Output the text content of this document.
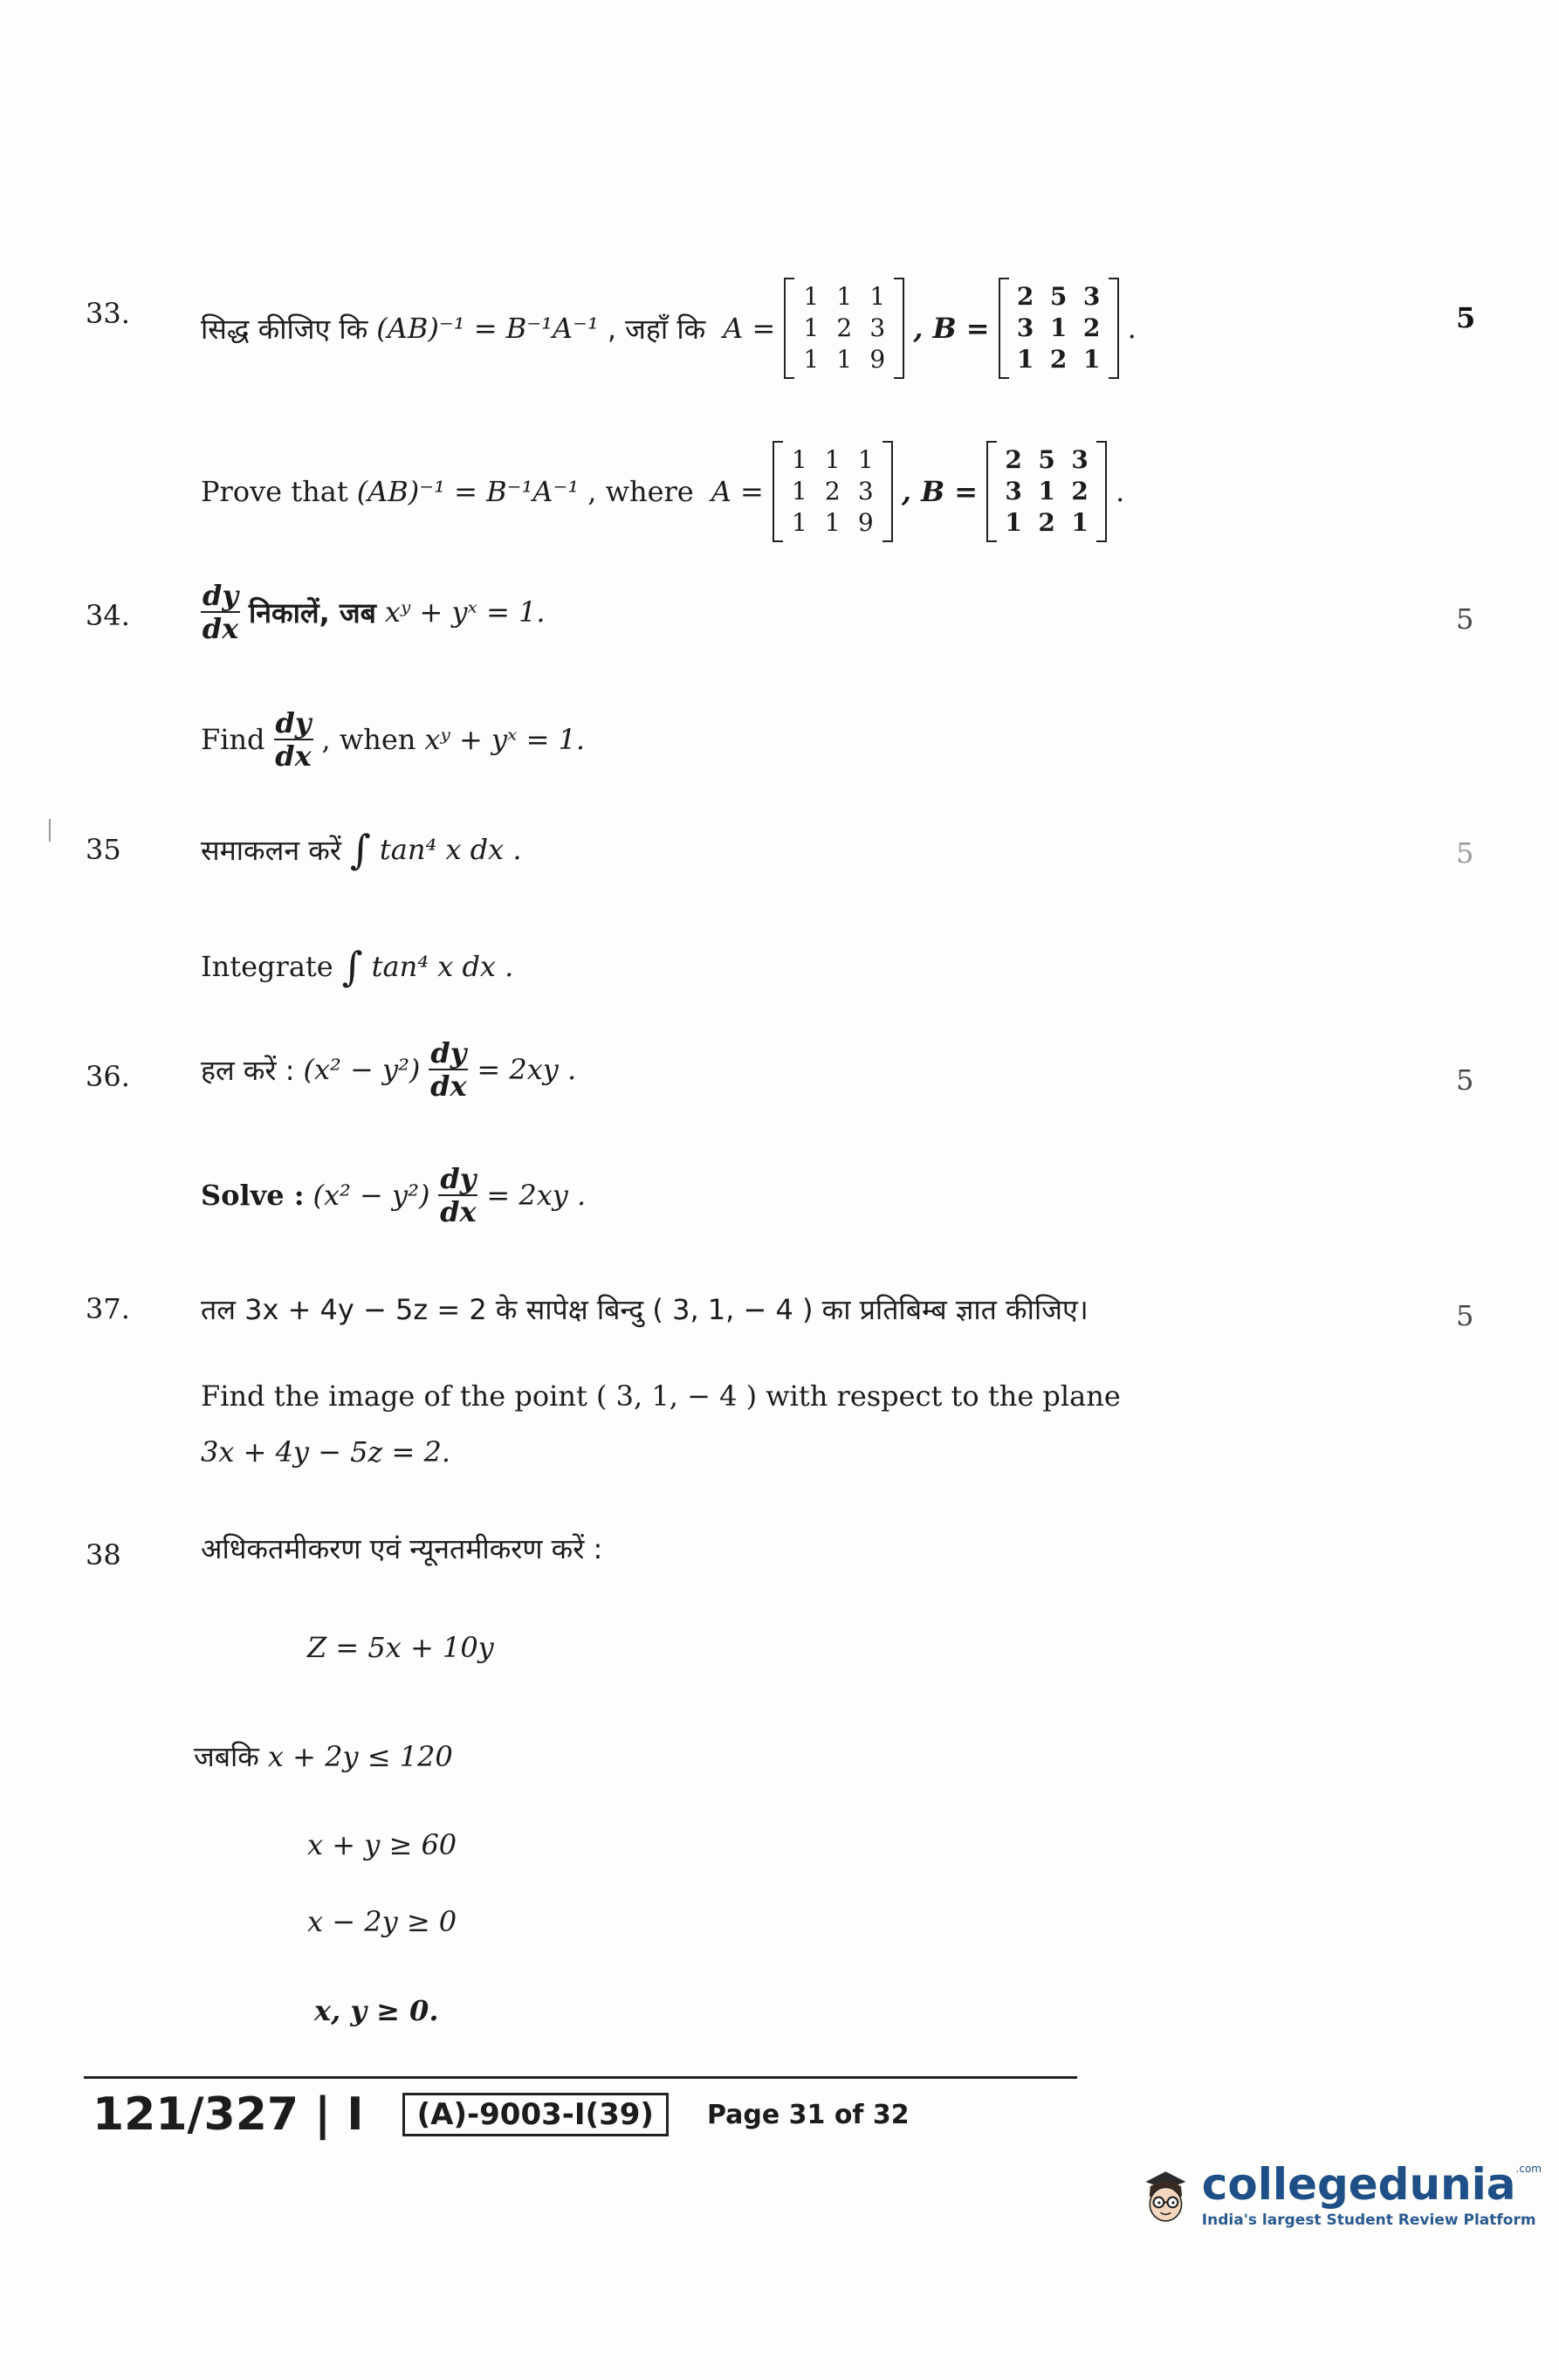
33.	सिद्ध कीजिए कि (AB)⁻¹ = B⁻¹A⁻¹ , जहाँ कि A =
1 1 1
1 2 3
1 1 9
, B =
2 5 3
3 1 2
1 2 1
.	5
Prove that (AB)⁻¹ = B⁻¹A⁻¹ , where A =
1 1 1
1 2 3
1 1 9
, B =
2 5 3
3 1 2
1 2 1
.
34.	$\frac{dy}{dx}$ निकालें, जब xʸ + yˣ = 1.	5
Find $\frac{dy}{dx}$ , when xʸ + yˣ = 1.
35	समाकलन करें ∫ tan⁴ x dx .	5
Integrate ∫ tan⁴ x dx .
36.	हल करें : $(x^2 - y^2) \frac{dy}{dx} = 2xy$ .	5
Solve : $(x^2 - y^2) \frac{dy}{dx} = 2xy$ .
37.	तल 3x + 4y − 5z = 2 के सापेक्ष बिन्दु ( 3, 1, − 4 ) का प्रतिबिम्ब ज्ञात कीजिए।	5
Find the image of the point ( 3, 1, − 4 ) with respect to the plane
3x + 4y − 5z = 2.
38	अधिकतमीकरण एवं न्यूनतमीकरण करें :
Z = 5x + 10y
जबकि x + 2y ≤ 120
x + y ≥ 60
x − 2y ≥ 0
x, y ≥ 0.
121/327 | I	(A)-9003-I(39)	Page 31 of 32
collegedunia$^{.com}$
India's largest Student Review Platform
